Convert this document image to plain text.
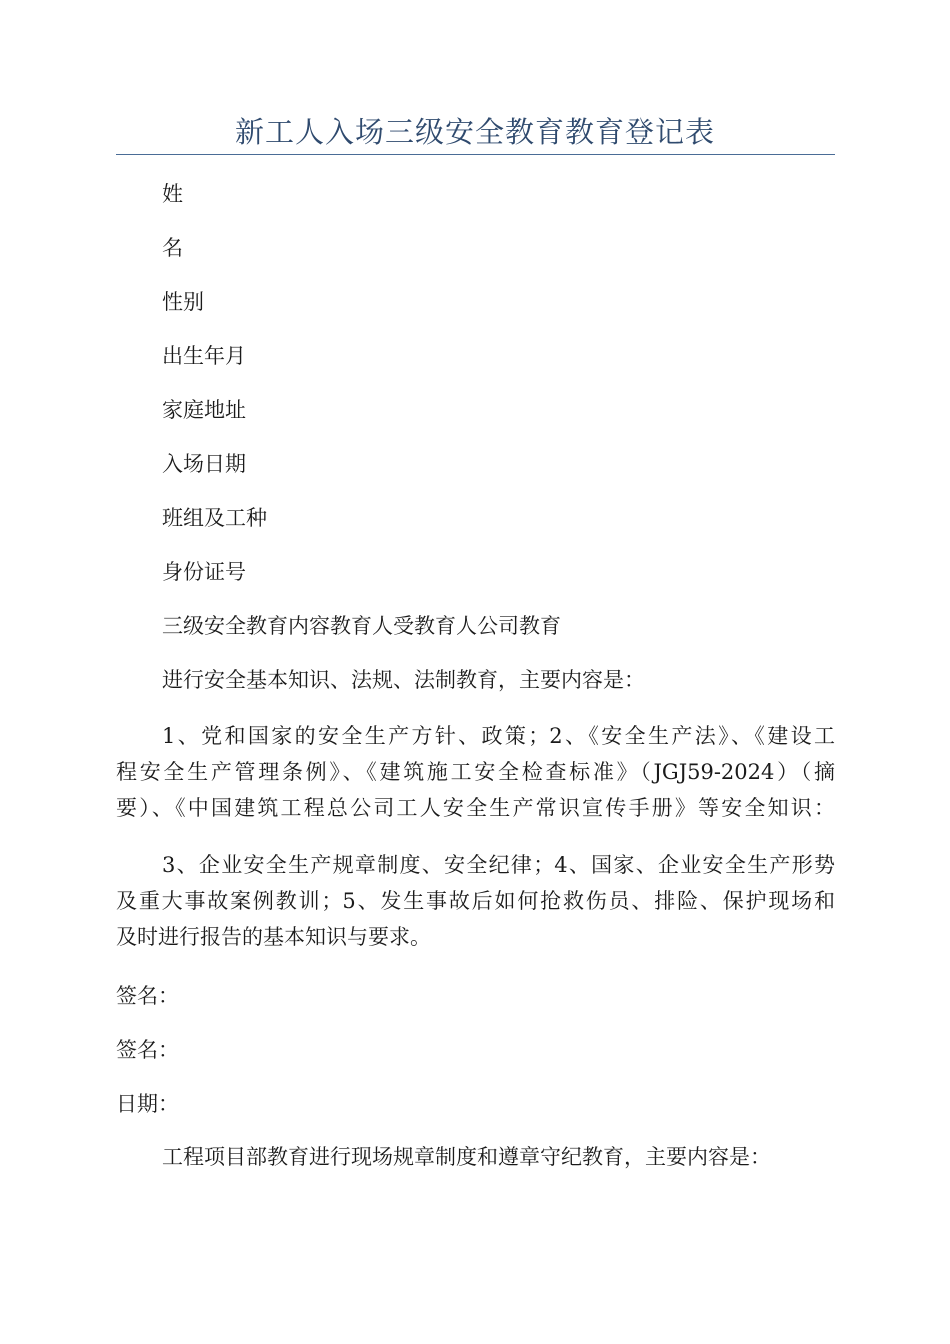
新工人入场三级安全教育教育登记表
姓
名
性别
出生年月
家庭地址
入场日期
班组及工种
身份证号
三级安全教育内容教育人受教育人公司教育
进行安全基本知识、法规、法制教育，主要内容是：
1、党和国家的安全生产方针、政策；2、《安全生产法》、《建设工
程安全生产管理条例》、《建筑施工安全检查标准》（JGJ59-2024）（摘
要）、《中国建筑工程总公司工人安全生产常识宣传手册》等安全知识：
3、企业安全生产规章制度、安全纪律；4、国家、企业安全生产形势
及重大事故案例教训；5、发生事故后如何抢救伤员、排险、保护现场和
及时进行报告的基本知识与要求。
签名：
签名：
日期：
工程项目部教育进行现场规章制度和遵章守纪教育，主要内容是：
